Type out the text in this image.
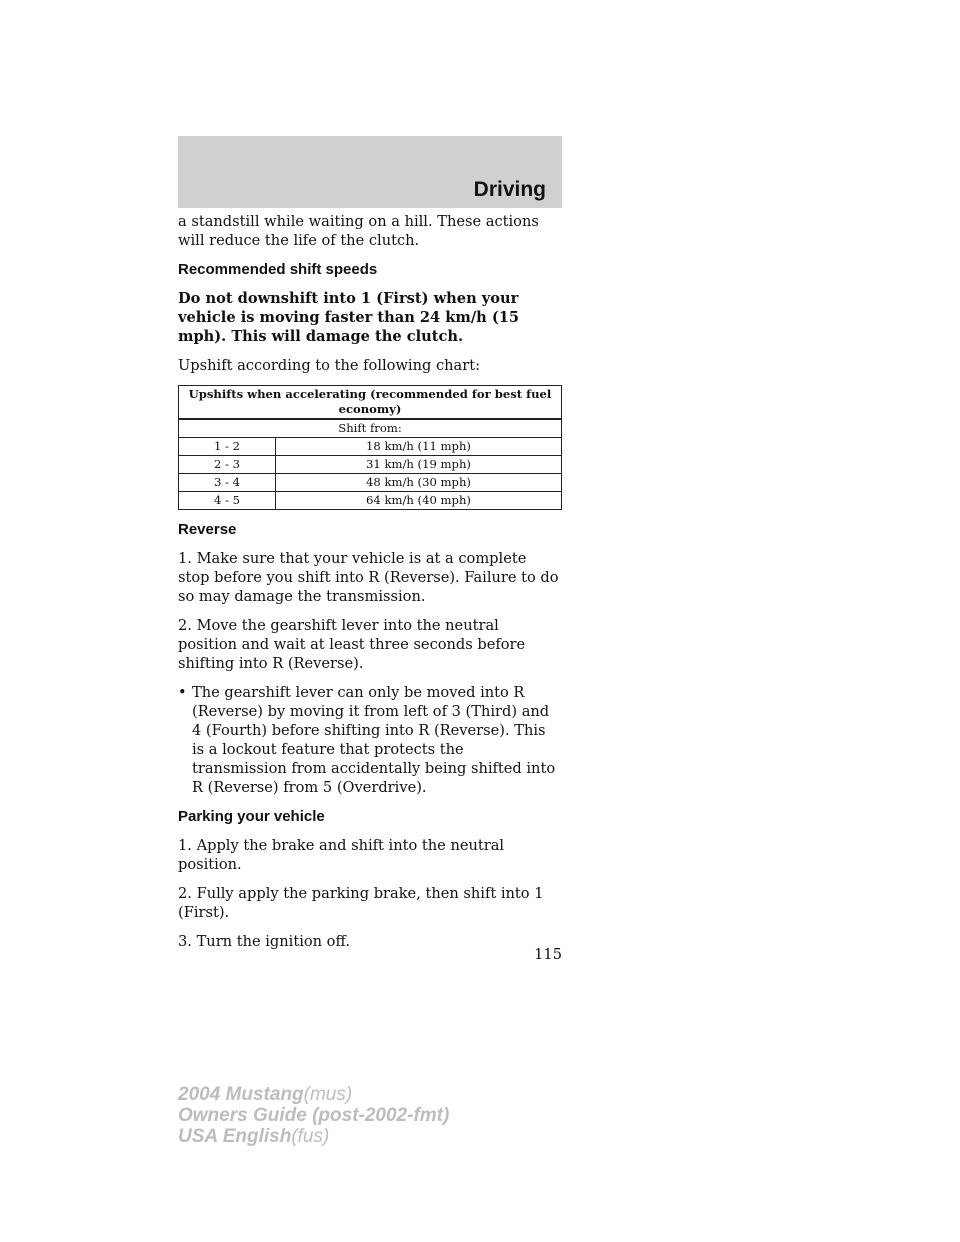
Driving

a standstill while waiting on a hill. These actions will reduce the life of the clutch.

Recommended shift speeds

Do not downshift into 1 (First) when your vehicle is moving faster than 24 km/h (15 mph). This will damage the clutch.

Upshift according to the following chart:

Upshifts when accelerating (recommended for best fuel economy)	
Shift from:	
1 - 2	18 km/h (11 mph)
2 - 3	31 km/h (19 mph)
3 - 4	48 km/h (30 mph)
4 - 5	64 km/h (40 mph)
Reverse

1. Make sure that your vehicle is at a complete stop before you shift into R (Reverse). Failure to do so may damage the transmission.

2. Move the gearshift lever into the neutral position and wait at least three seconds before shifting into R (Reverse).

• The gearshift lever can only be moved into R (Reverse) by moving it from left of 3 (Third) and 4 (Fourth) before shifting into R (Reverse). This is a lockout feature that protects the transmission from accidentally being shifted into R (Reverse) from 5 (Overdrive).
Parking your vehicle

1. Apply the brake and shift into the neutral position.

2. Fully apply the parking brake, then shift into 1 (First).

3. Turn the ignition off.

115
2004 Mustang(mus)
Owners Guide (post-2002-fmt)
USA English(fus)
